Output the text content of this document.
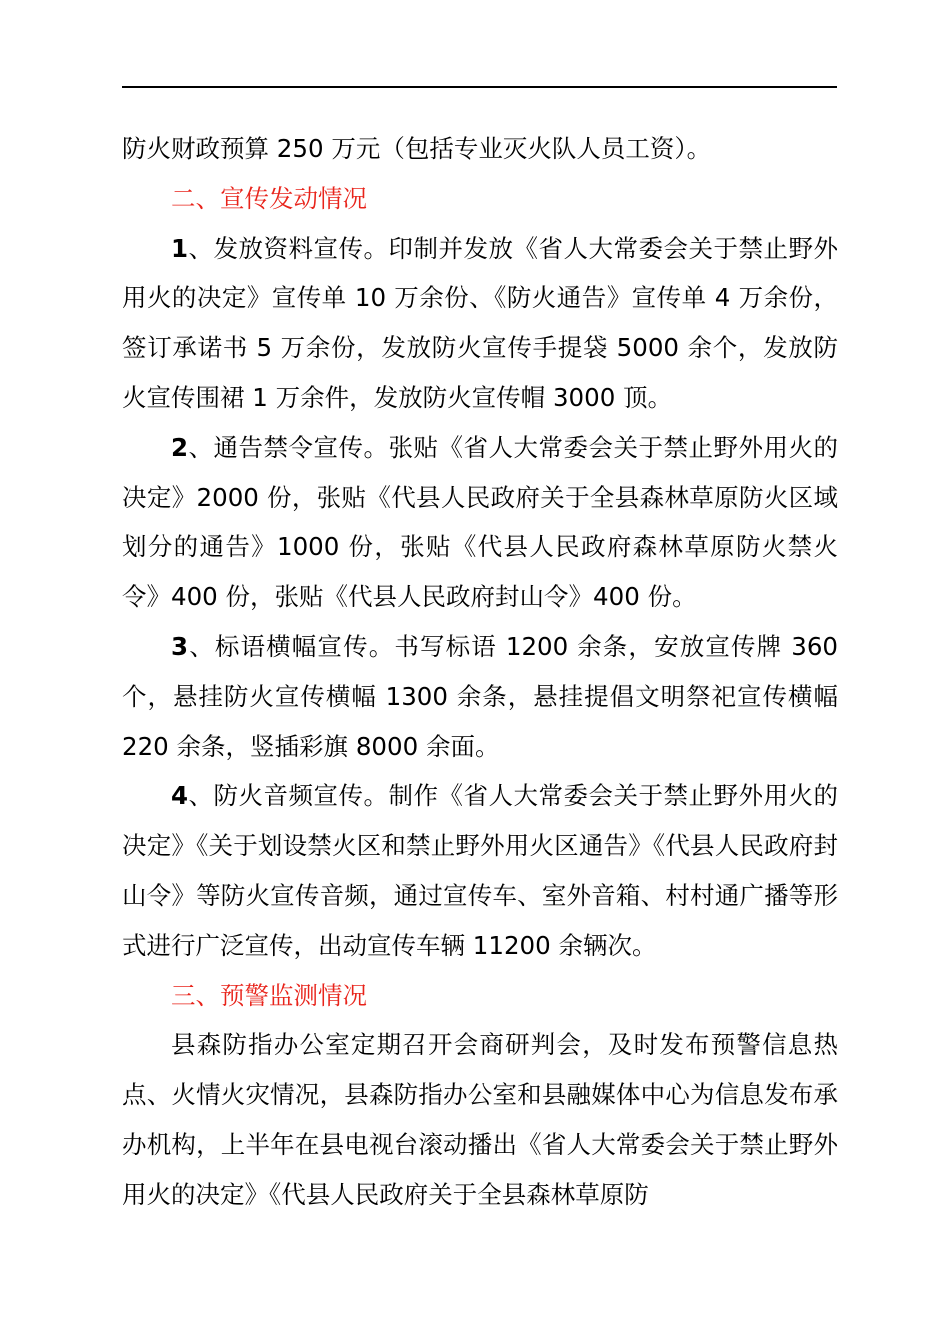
防火财政预算 250 万元（包括专业灭火队人员工资）。

二、宣传发动情况

1、发放资料宣传。印制并发放《省人大常委会关于禁止野外用火的决定》宣传单 10 万余份、《防火通告》宣传单 4 万余份，签订承诺书 5 万余份，发放防火宣传手提袋 5000 余个，发放防火宣传围裙 1 万余件，发放防火宣传帽 3000 顶。

2、通告禁令宣传。张贴《省人大常委会关于禁止野外用火的决定》2000 份，张贴《代县人民政府关于全县森林草原防火区域划分的通告》1000 份，张贴《代县人民政府森林草原防火禁火令》400 份，张贴《代县人民政府封山令》400 份。

3、标语横幅宣传。书写标语 1200 余条，安放宣传牌 360 个，悬挂防火宣传横幅 1300 余条，悬挂提倡文明祭祀宣传横幅 220 余条，竖插彩旗 8000 余面。

4、防火音频宣传。制作《省人大常委会关于禁止野外用火的决定》《关于划设禁火区和禁止野外用火区通告》《代县人民政府封山令》等防火宣传音频，通过宣传车、室外音箱、村村通广播等形式进行广泛宣传，出动宣传车辆 11200 余辆次。

三、预警监测情况

县森防指办公室定期召开会商研判会，及时发布预警信息热点、火情火灾情况，县森防指办公室和县融媒体中心为信息发布承办机构，上半年在县电视台滚动播出《省人大常委会关于禁止野外用火的决定》《代县人民政府关于全县森林草原防
